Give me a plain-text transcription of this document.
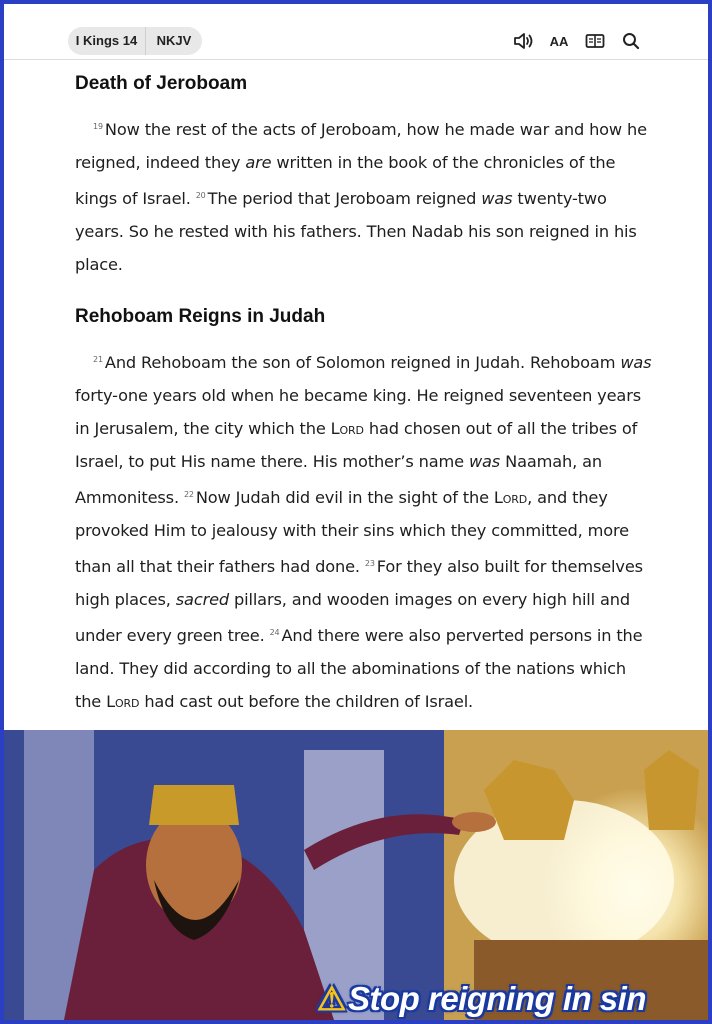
I Kings 14	NKJV	AA
Death of Jeroboam

$^{19}$ Now the rest of the acts of Jeroboam, how he made war and how he reigned, indeed they are written in the book of the chronicles of the kings of Israel. $^{20}$ The period that Jeroboam reigned was twenty-two years. So he rested with his fathers. Then Nadab his son reigned in his place.

Rehoboam Reigns in Judah

$^{21}$ And Rehoboam the son of Solomon reigned in Judah. Rehoboam was forty-one years old when he became king. He reigned seventeen years in Jerusalem, the city which the Lord had chosen out of all the tribes of Israel, to put His name there. His mother’s name was Naamah, an Ammonitess. $^{22}$ Now Judah did evil in the sight of the Lord, and they provoked Him to jealousy with their sins which they committed, more than all that their fathers had done. $^{23}$ For they also built for themselves high places, sacred pillars, and wooden images on every high hill and under every green tree. $^{24}$ And there were also perverted persons in the land. They did according to all the abominations of the nations which the Lord had cast out before the children of Israel.

⚠Stop reigning in sin
